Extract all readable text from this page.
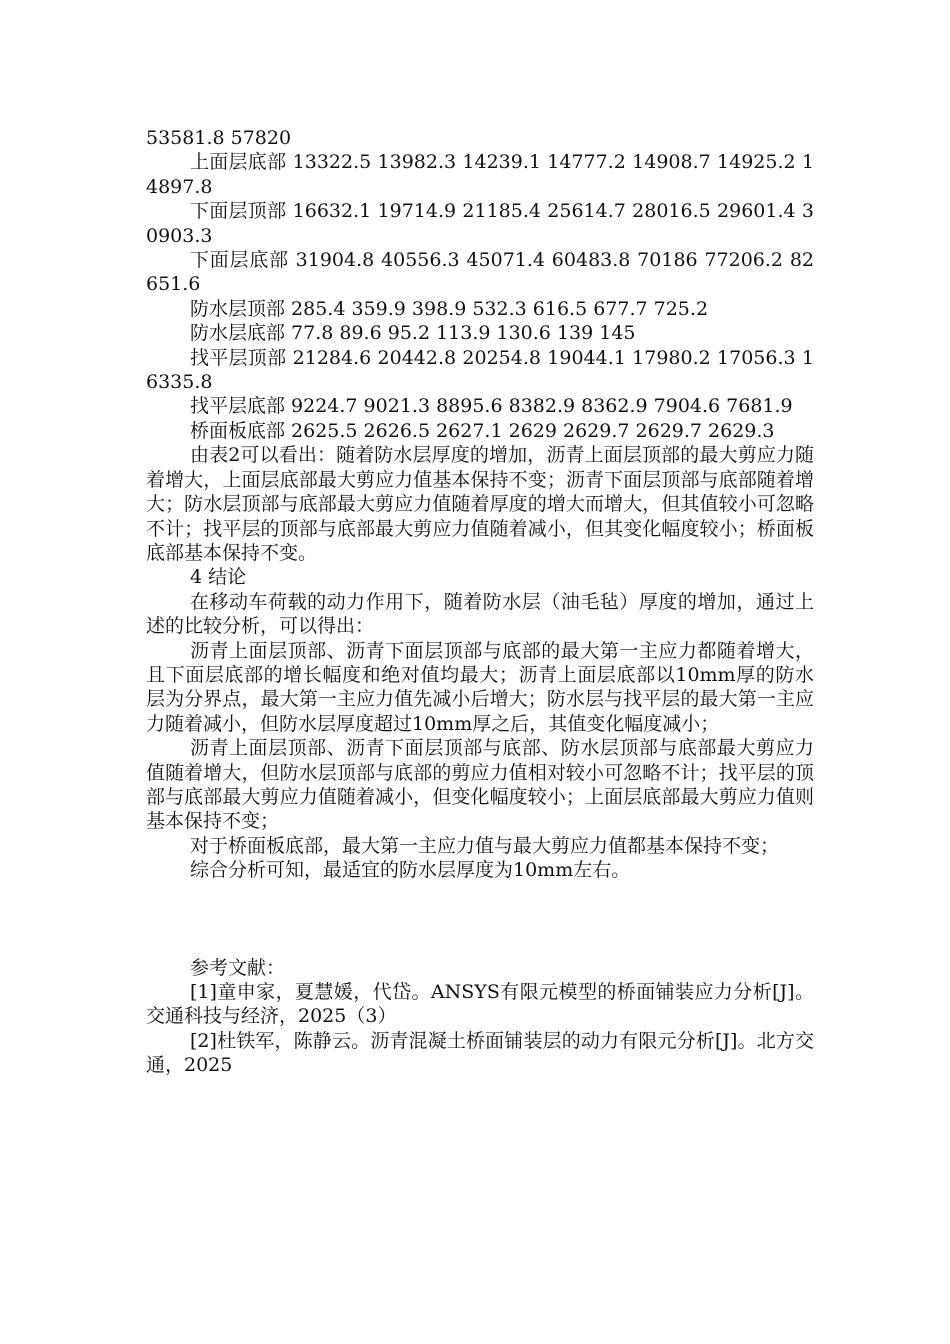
53581.8 57820

上面层底部 13322.5 13982.3 14239.1 14777.2 14908.7 14925.2 14897.8

下面层顶部 16632.1 19714.9 21185.4 25614.7 28016.5 29601.4 30903.3

下面层底部 31904.8 40556.3 45071.4 60483.8 70186 77206.2 82651.6

防水层顶部 285.4 359.9 398.9 532.3 616.5 677.7 725.2

防水层底部 77.8 89.6 95.2 113.9 130.6 139 145

找平层顶部 21284.6 20442.8 20254.8 19044.1 17980.2 17056.3 16335.8

找平层底部 9224.7 9021.3 8895.6 8382.9 8362.9 7904.6 7681.9

桥面板底部 2625.5 2626.5 2627.1 2629 2629.7 2629.7 2629.3

由表2可以看出：随着防水层厚度的增加，沥青上面层顶部的最大剪应力随着增大，上面层底部最大剪应力值基本保持不变；沥青下面层顶部与底部随着增大；防水层顶部与底部最大剪应力值随着厚度的增大而增大，但其值较小可忽略不计；找平层的顶部与底部最大剪应力值随着减小，但其变化幅度较小；桥面板底部基本保持不变。

4 结论

在移动车荷载的动力作用下，随着防水层（油毛毡）厚度的增加，通过上述的比较分析，可以得出：

沥青上面层顶部、沥青下面层顶部与底部的最大第一主应力都随着增大，且下面层底部的增长幅度和绝对值均最大；沥青上面层底部以10mm厚的防水层为分界点，最大第一主应力值先减小后增大；防水层与找平层的最大第一主应力随着减小，但防水层厚度超过10mm厚之后，其值变化幅度减小；

沥青上面层顶部、沥青下面层顶部与底部、防水层顶部与底部最大剪应力值随着增大，但防水层顶部与底部的剪应力值相对较小可忽略不计；找平层的顶部与底部最大剪应力值随着减小，但变化幅度较小；上面层底部最大剪应力值则基本保持不变；

对于桥面板底部，最大第一主应力值与最大剪应力值都基本保持不变；

综合分析可知，最适宜的防水层厚度为10mm左右。

参考文献：

[1]童申家，夏慧媛，代岱。ANSYS有限元模型的桥面铺装应力分析[J]。交通科技与经济，2025（3）

[2]杜铁军，陈静云。沥青混凝土桥面铺装层的动力有限元分析[J]。北方交通，2025
